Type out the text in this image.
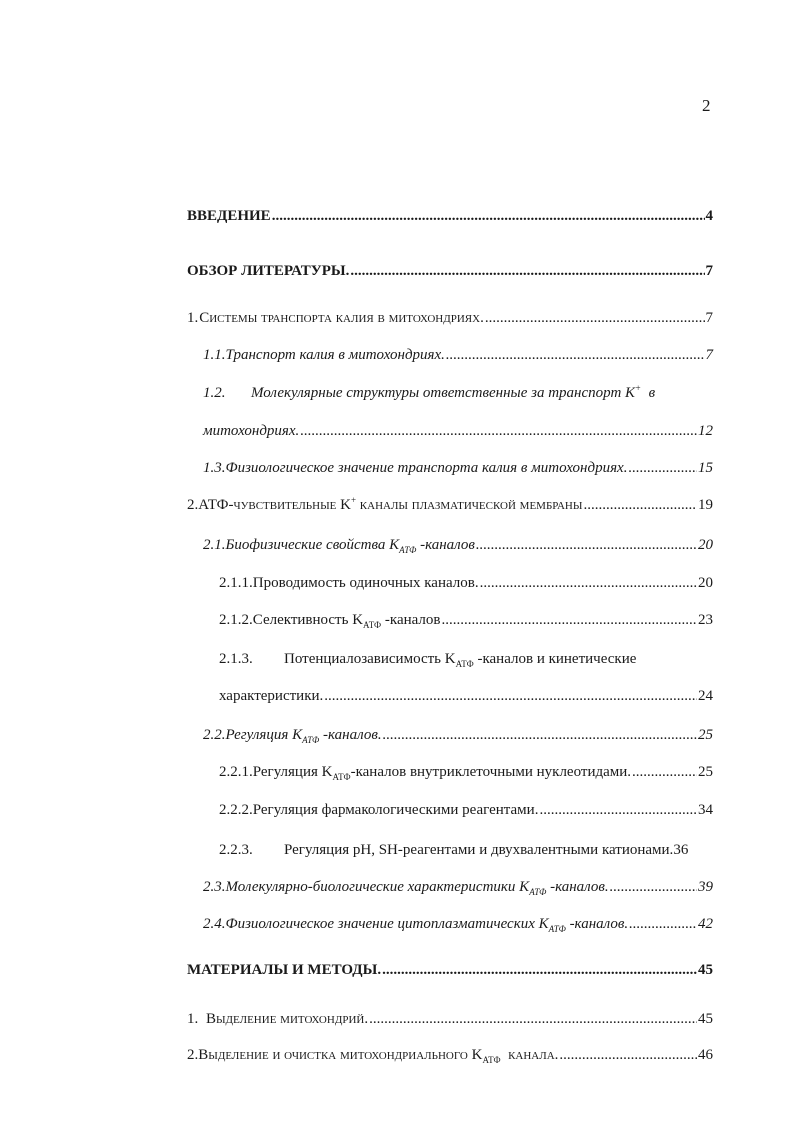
2
ВВЕДЕНИЕ .....	4
ОБЗОР ЛИТЕРАТУРЫ. .....	7
1. Системы транспорта калия в митохондриях. .....	7
1.1. Транспорт калия в митохондриях. .....	7
1.2.	Молекулярные структуры ответственные за транспорт K+ в
митохондриях. .....	12
1.3. Физиологическое значение транспорта калия в митохондриях. .....	15
2. АТФ-чувствительные K+ каналы плазматической мембраны .....	19
2.1. Биофизические свойства $K_{АТФ}$ -каналов .....	20
2.1.1. Проводимость одиночных каналов. .....	20
2.1.2. Селективность $K_{АТФ}$ -каналов .....	23
2.1.3.	Потенциалозависимость $K_{АТФ}$ -каналов и кинетические
характеристики. .....	24
2.2. Регуляция $K_{АТФ}$ -каналов. .....	25
2.2.1. Регуляция $K_{АТФ}$-каналов внутриклеточными нуклеотидами. .....	25
2.2.2. Регуляция фармакологическими реагентами. .....	34
2.2.3.	Регуляция pH, SH-реагентами и двухвалентными катионами. 36
2.3. Молекулярно-биологические характеристики $K_{АТФ}$ -каналов. .....	39
2.4. Физиологическое значение цитоплазматических $K_{АТФ}$ -каналов. .....	42
МАТЕРИАЛЫ И МЕТОДЫ. .....	45
1. Выделение митохондрий. .....	45
2. Выделение и очистка митохондриального $K_{АТФ}$ канала. .....	46
